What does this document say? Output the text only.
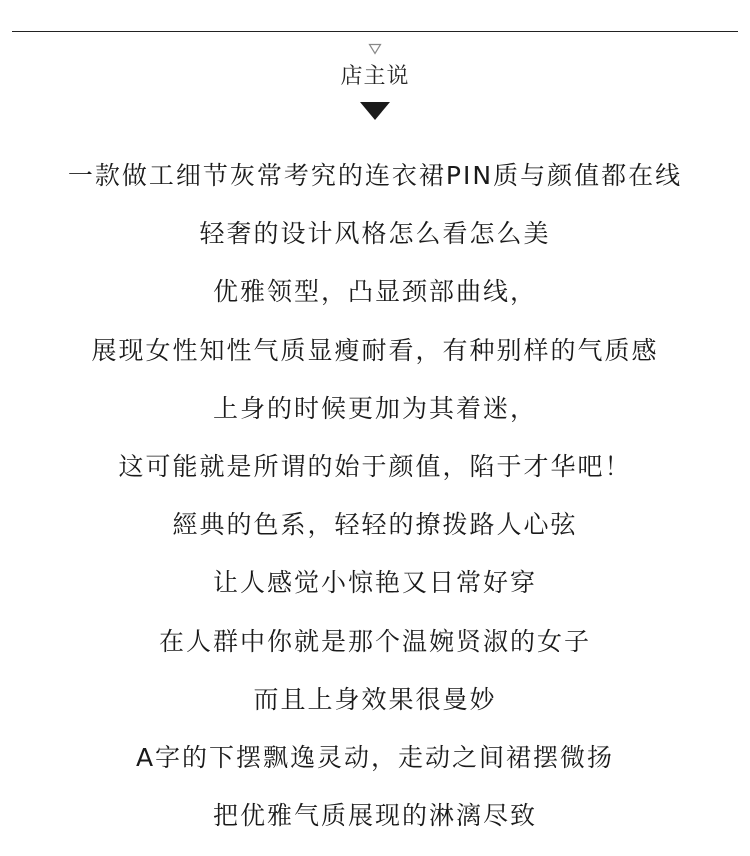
店主说
一款做工细节灰常考究的连衣裙PIN质与颜值都在线
轻奢的设计风格怎么看怎么美
优雅领型，凸显颈部曲线，
展现女性知性气质显瘦耐看，有种别样的气质感
上身的时候更加为其着迷，
这可能就是所谓的始于颜值，陷于才华吧！
經典的色系，轻轻的撩拨路人心弦
让人感觉小惊艳又日常好穿
在人群中你就是那个温婉贤淑的女子
而且上身效果很曼妙
A字的下摆飘逸灵动，走动之间裙摆微扬
把优雅气质展现的淋漓尽致
